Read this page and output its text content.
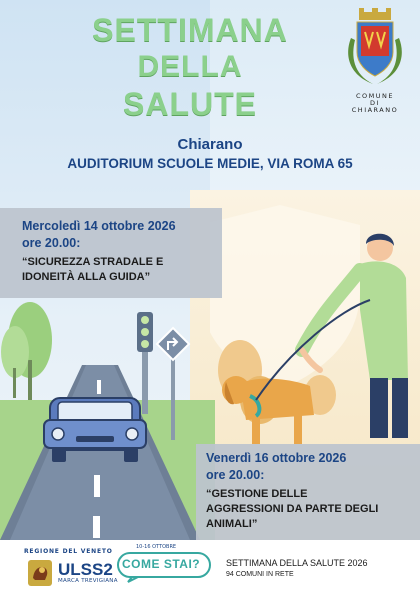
SETTIMANA
DELLA
SALUTE	COMUNE
DI
CHIARANO
Chiarano
AUDITORIUM SCUOLE MEDIE, VIA ROMA 65
Mercoledì 14 ottobre 2026
ore 20.00:
“SICUREZZA STRADALE E
IDONEITÀ ALLA GUIDA”
Venerdì 16 ottobre 2026
ore 20.00:
“GESTIONE DELLE
AGGRESSIONI DA PARTE DEGLI
ANIMALI”
REGIONE DEL VENETO
ULSS2
MARCA TREVIGIANA
10-16 OTTOBRE
COME STAI?	SETTIMANA DELLA SALUTE 2026
94 COMUNI IN RETE
